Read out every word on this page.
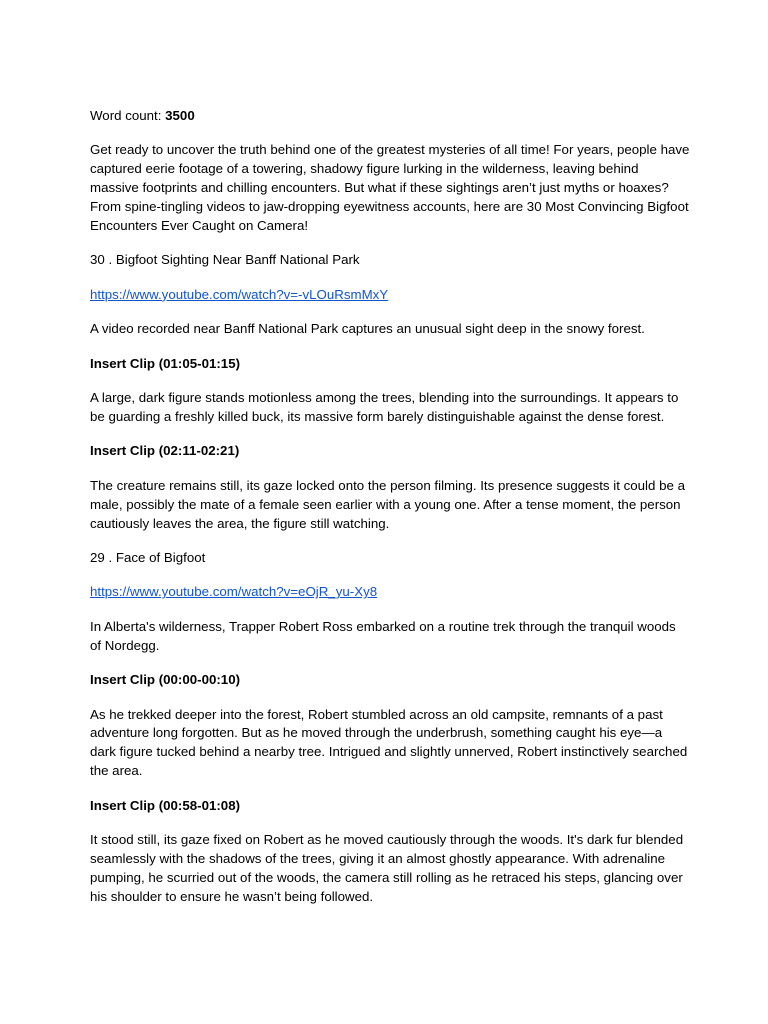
Word count: 3500

Get ready to uncover the truth behind one of the greatest mysteries of all time! For years, people have captured eerie footage of a towering, shadowy figure lurking in the wilderness, leaving behind massive footprints and chilling encounters. But what if these sightings aren’t just myths or hoaxes? From spine-tingling videos to jaw-dropping eyewitness accounts, here are 30 Most Convincing Bigfoot Encounters Ever Caught on Camera!

30 . Bigfoot Sighting Near Banff National Park

https://www.youtube.com/watch?v=-vLOuRsmMxY

A video recorded near Banff National Park captures an unusual sight deep in the snowy forest.

Insert Clip (01:05-01:15)

A large, dark figure stands motionless among the trees, blending into the surroundings. It appears to be guarding a freshly killed buck, its massive form barely distinguishable against the dense forest.

Insert Clip (02:11-02:21)

The creature remains still, its gaze locked onto the person filming. Its presence suggests it could be a male, possibly the mate of a female seen earlier with a young one. After a tense moment, the person cautiously leaves the area, the figure still watching.

29 . Face of Bigfoot

https://www.youtube.com/watch?v=eOjR_yu-Xy8

In Alberta's wilderness, Trapper Robert Ross embarked on a routine trek through the tranquil woods of Nordegg.

Insert Clip (00:00-00:10)

As he trekked deeper into the forest, Robert stumbled across an old campsite, remnants of a past adventure long forgotten. But as he moved through the underbrush, something caught his eye—a dark figure tucked behind a nearby tree. Intrigued and slightly unnerved, Robert instinctively searched the area.

Insert Clip (00:58-01:08)

It stood still, its gaze fixed on Robert as he moved cautiously through the woods. It's dark fur blended seamlessly with the shadows of the trees, giving it an almost ghostly appearance. With adrenaline pumping, he scurried out of the woods, the camera still rolling as he retraced his steps, glancing over his shoulder to ensure he wasn’t being followed.
